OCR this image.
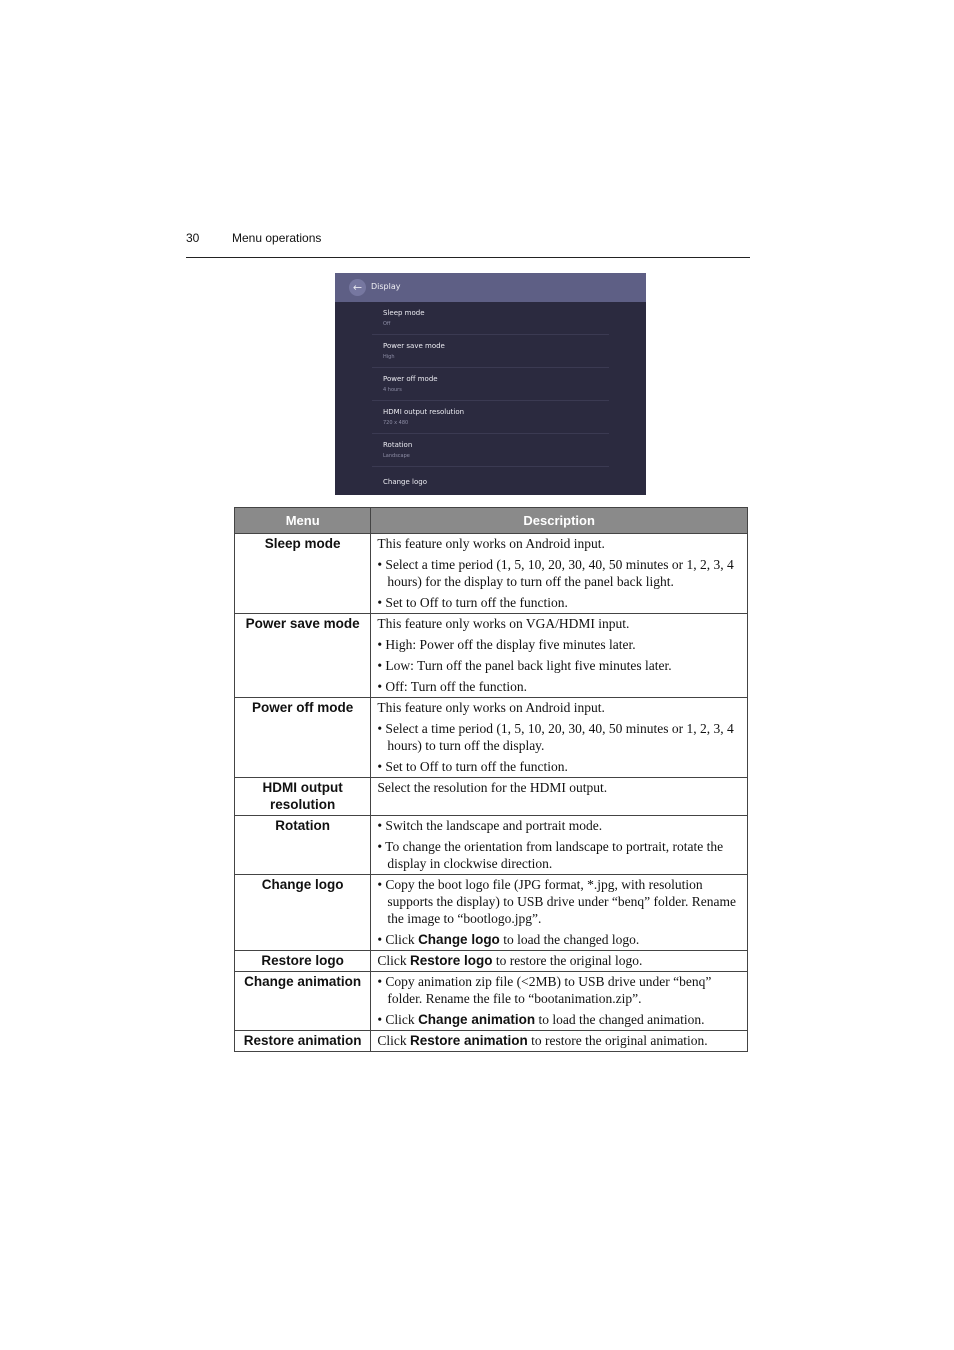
30	Menu operations
←	Display
Sleep mode
Off
Power save mode
High
Power off mode
4 hours
HDMI output resolution
720 x 480
Rotation
Landscape
Change logo
Menu	Description
Sleep mode	This feature only works on Android input.

• Select a time period (1, 5, 10, 20, 30, 40, 50 minutes or 1, 2, 3, 4 hours) for the display to turn off the panel back light.

• Set to Off to turn off the function.

Power save mode	This feature only works on VGA/HDMI input.

• High: Power off the display five minutes later.

• Low: Turn off the panel back light five minutes later.

• Off: Turn off the function.

Power off mode	This feature only works on Android input.

• Select a time period (1, 5, 10, 20, 30, 40, 50 minutes or 1, 2, 3, 4 hours) to turn off the display.

• Set to Off to turn off the function.

HDMI output resolution	Select the resolution for the HDMI output.

Rotation	• Switch the landscape and portrait mode.

• To change the orientation from landscape to portrait, rotate the display in clockwise direction.

Change logo	• Copy the boot logo file (JPG format, *.jpg, with resolution supports the display) to USB drive under “benq” folder. Rename the image to “bootlogo.jpg”.

• Click Change logo to load the changed logo.

Restore logo	Click Restore logo to restore the original logo.

Change animation	• Copy animation zip file (<2MB) to USB drive under “benq” folder. Rename the file to “bootanimation.zip”.

• Click Change animation to load the changed animation.

Restore animation	Click Restore animation to restore the original animation.
